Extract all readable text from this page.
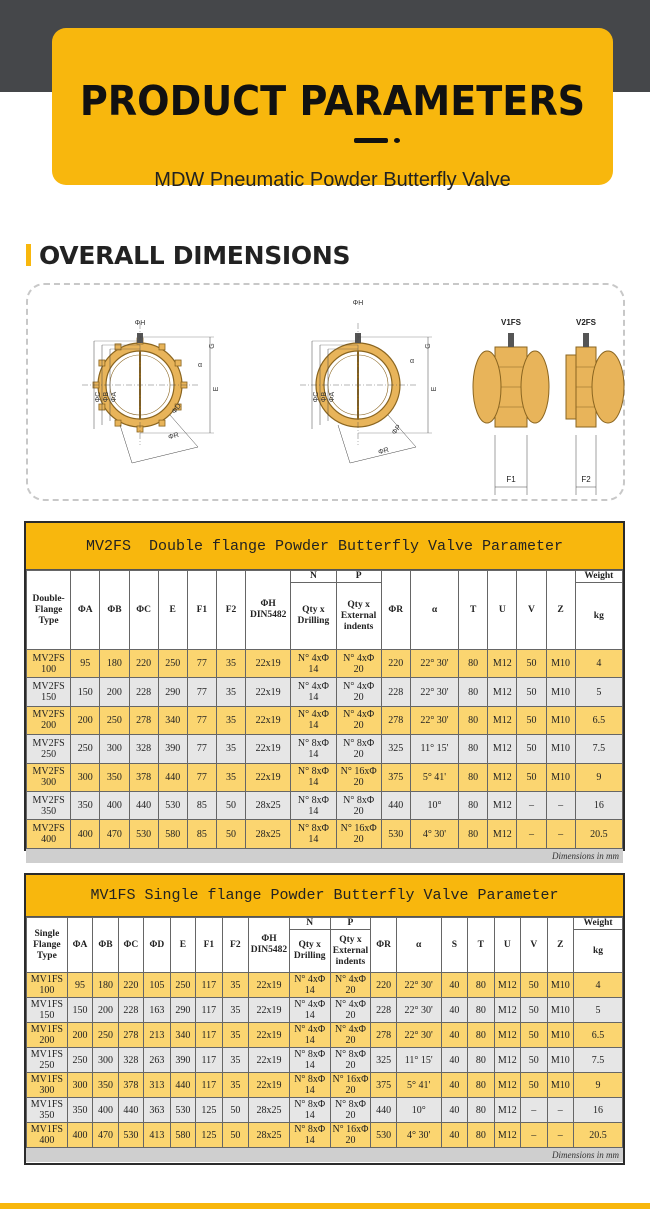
PRODUCT PARAMETERS
MDW Pneumatic Powder Butterfly Valve
OVERALL DIMENSIONS
ΦH
G
α
ΦC ΦB ΦA
E
ΦD
ΦR
ΦH
G
α
ΦC ΦB ΦA
E
ΦP
ΦR
V1FS
F1
V2FS
F2
MV2FS  Double flange Powder Butterfly Valve Parameter
Double-Flange Type	ΦA	ΦB	ΦC	E	F1	F2	ΦH DIN5482	N	P	ΦR	α	T	U	V	Z	Weight
								Qty x Drilling	Qty x External indents							kg
MV2FS 100	95	180	220	250	77	35	22x19	N° 4xΦ 14	N° 4xΦ 20	220	22° 30'	80	M12	50	M10	4
MV2FS 150	150	200	228	290	77	35	22x19	N° 4xΦ 14	N° 4xΦ 20	228	22° 30'	80	M12	50	M10	5
MV2FS 200	200	250	278	340	77	35	22x19	N° 4xΦ 14	N° 4xΦ 20	278	22° 30'	80	M12	50	M10	6.5
MV2FS 250	250	300	328	390	77	35	22x19	N° 8xΦ 14	N° 8xΦ 20	325	11° 15'	80	M12	50	M10	7.5
MV2FS 300	300	350	378	440	77	35	22x19	N° 8xΦ 14	N° 16xΦ 20	375	5° 41'	80	M12	50	M10	9
MV2FS 350	350	400	440	530	85	50	28x25	N° 8xΦ 14	N° 8xΦ 20	440	10°	80	M12	–	–	16
MV2FS 400	400	470	530	580	85	50	28x25	N° 8xΦ 14	N° 16xΦ 20	530	4° 30'	80	M12	–	–	20.5
Dimensions in mm
MV1FS Single flange Powder Butterfly Valve Parameter
Single Flange Type	ΦA	ΦB	ΦC	ΦD	E	F1	F2	ΦH DIN5482	N	P	ΦR	α	S	T	U	V	Z	Weight
									Qty x Drilling	Qty x External indents								kg
MV1FS 100	95	180	220	105	250	117	35	22x19	N° 4xΦ 14	N° 4xΦ 20	220	22° 30'	40	80	M12	50	M10	4
MV1FS 150	150	200	228	163	290	117	35	22x19	N° 4xΦ 14	N° 4xΦ 20	228	22° 30'	40	80	M12	50	M10	5
MV1FS 200	200	250	278	213	340	117	35	22x19	N° 4xΦ 14	N° 4xΦ 20	278	22° 30'	40	80	M12	50	M10	6.5
MV1FS 250	250	300	328	263	390	117	35	22x19	N° 8xΦ 14	N° 8xΦ 20	325	11° 15'	40	80	M12	50	M10	7.5
MV1FS 300	300	350	378	313	440	117	35	22x19	N° 8xΦ 14	N° 16xΦ 20	375	5° 41'	40	80	M12	50	M10	9
MV1FS 350	350	400	440	363	530	125	50	28x25	N° 8xΦ 14	N° 8xΦ 20	440	10°	40	80	M12	–	–	16
MV1FS 400	400	470	530	413	580	125	50	28x25	N° 8xΦ 14	N° 16xΦ 20	530	4° 30'	40	80	M12	–	–	20.5
Dimensions in mm
